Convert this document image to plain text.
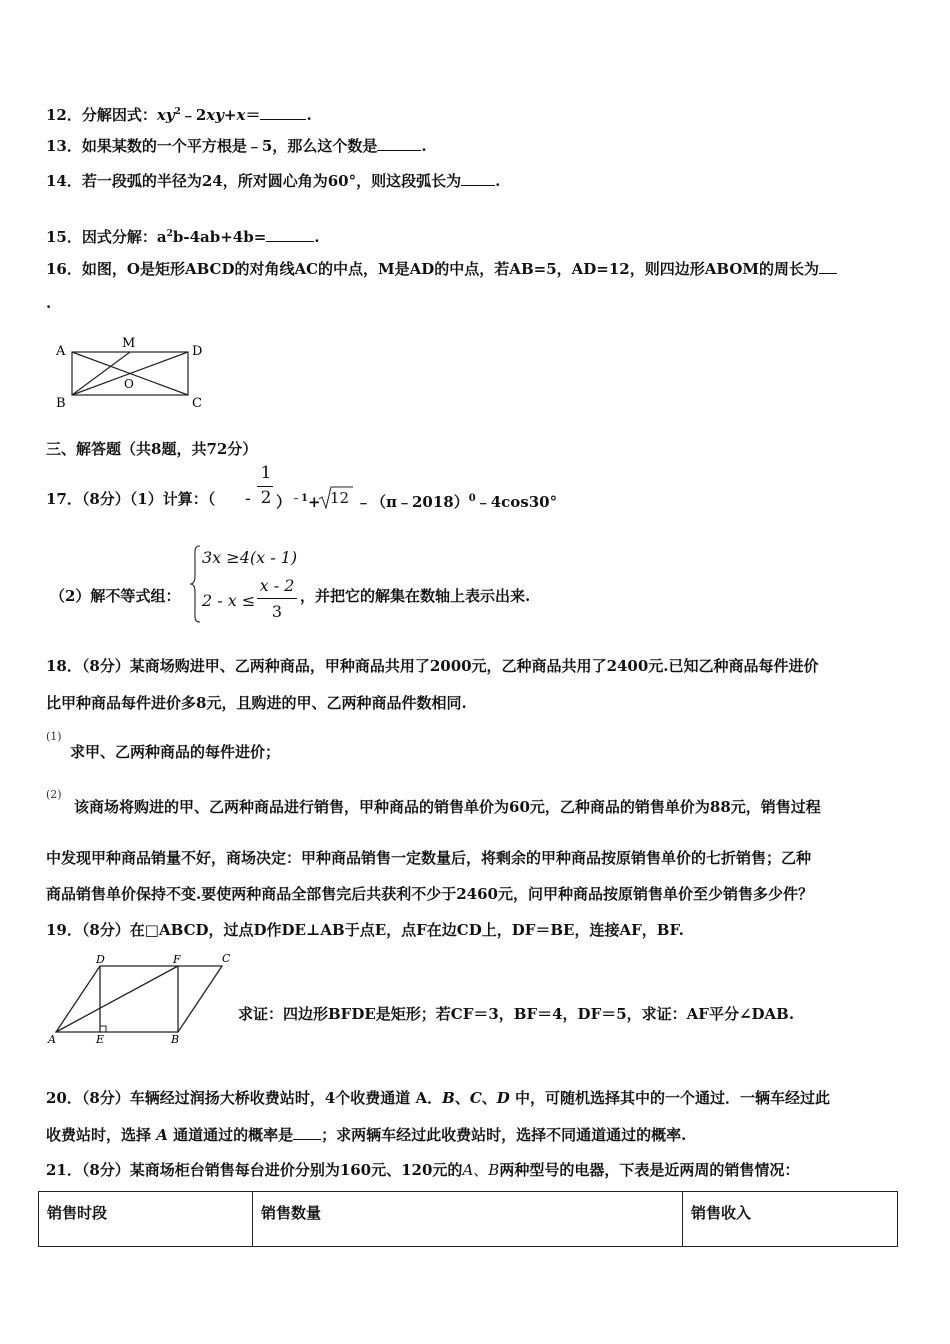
12．分解因式：$xy^2﹣2xy+x=$	.
13．如果某数的一个平方根是﹣5，那么这个数是	.
14．若一段弧的半径为24，所对圆心角为60°，则这段弧长为 .
15．因式分解：$a^2b-4ab+4b=$	.
16．如图，O是矩形ABCD的对角线AC的中点，M是AD的中点，若AB=5，AD=12，则四边形ABOM的周长为
.
A
M
D
O
B	C
三、解答题（共8题，共72分）
17．（8分）（1）计算：（ -
1
2 ）$^{﹣1}$+ 12 ﹣（π﹣2018）$^0$﹣4cos30°
（2）解不等式组：
3x ≥4(x - 1)
2 - x ≤
x - 2
3
，并把它的解集在数轴上表示出来.
18．（8分）某商场购进甲、乙两种商品，甲种商品共用了2000元，乙种商品共用了2400元.已知乙种商品每件进价
比甲种商品每件进价多8元，且购进的甲、乙两种商品件数相同.
(1)
求甲、乙两种商品的每件进价；
(2)
该商场将购进的甲、乙两种商品进行销售，甲种商品的销售单价为60元，乙种商品的销售单价为88元，销售过程
中发现甲种商品销量不好，商场决定：甲种商品销售一定数量后，将剩余的甲种商品按原销售单价的七折销售；乙种
商品销售单价保持不变.要使两种商品全部售完后共获利不少于2460元，问甲种商品按原销售单价至少销售多少件？
19．（8分）在□ABCD，过点D作DE⊥AB于点E，点F在边CD上，DF＝BE，连接AF，BF.
D	F	C
A	E	B
求证：四边形BFDE是矩形；若CF＝3，BF＝4，DF＝5，求证：AF平分∠DAB.
20．（8分）车辆经过润扬大桥收费站时，4个收费通道 A．B、C、D 中，可随机选择其中的一个通过．一辆车经过此
收费站时，选择 A 通道通过的概率是 ；求两辆车经过此收费站时，选择不同通道通过的概率.
21．（8分）某商场柜台销售每台进价分别为160元、120元的A、B两种型号的电器，下表是近两周的销售情况：
销售时段	销售数量	销售收入
